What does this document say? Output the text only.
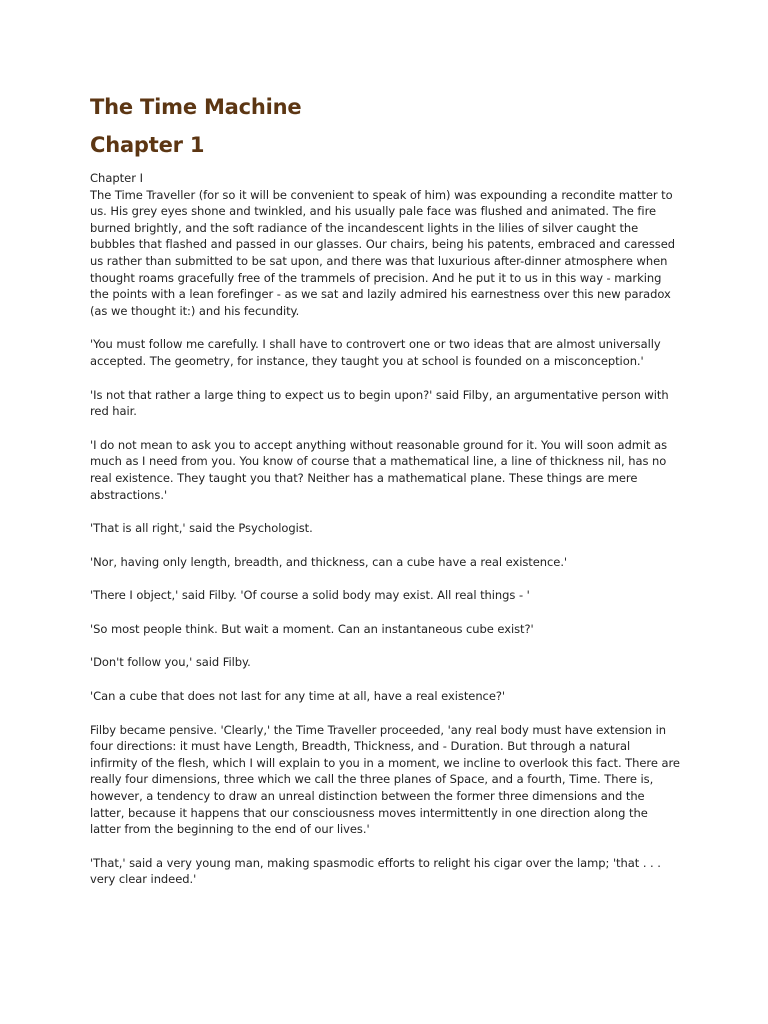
The Time Machine
Chapter 1
Chapter I

The Time Traveller (for so it will be convenient to speak of him) was expounding a recondite matter to us. His grey eyes shone and twinkled, and his usually pale face was flushed and animated. The fire burned brightly, and the soft radiance of the incandescent lights in the lilies of silver caught the bubbles that flashed and passed in our glasses. Our chairs, being his patents, embraced and caressed us rather than submitted to be sat upon, and there was that luxurious after-dinner atmosphere when thought roams gracefully free of the trammels of precision. And he put it to us in this way - marking the points with a lean forefinger - as we sat and lazily admired his earnestness over this new paradox (as we thought it:) and his fecundity.

'You must follow me carefully. I shall have to controvert one or two ideas that are almost universally accepted. The geometry, for instance, they taught you at school is founded on a misconception.'

'Is not that rather a large thing to expect us to begin upon?' said Filby, an argumentative person with red hair.

'I do not mean to ask you to accept anything without reasonable ground for it. You will soon admit as much as I need from you. You know of course that a mathematical line, a line of thickness nil, has no real existence. They taught you that? Neither has a mathematical plane. These things are mere abstractions.'

'That is all right,' said the Psychologist.

'Nor, having only length, breadth, and thickness, can a cube have a real existence.'

'There I object,' said Filby. 'Of course a solid body may exist. All real things - '

'So most people think. But wait a moment. Can an instantaneous cube exist?'

'Don't follow you,' said Filby.

'Can a cube that does not last for any time at all, have a real existence?'

Filby became pensive. 'Clearly,' the Time Traveller proceeded, 'any real body must have extension in four directions: it must have Length, Breadth, Thickness, and - Duration. But through a natural infirmity of the flesh, which I will explain to you in a moment, we incline to overlook this fact. There are really four dimensions, three which we call the three planes of Space, and a fourth, Time. There is, however, a tendency to draw an unreal distinction between the former three dimensions and the latter, because it happens that our consciousness moves intermittently in one direction along the latter from the beginning to the end of our lives.'

'That,' said a very young man, making spasmodic efforts to relight his cigar over the lamp; 'that . . . very clear indeed.'
